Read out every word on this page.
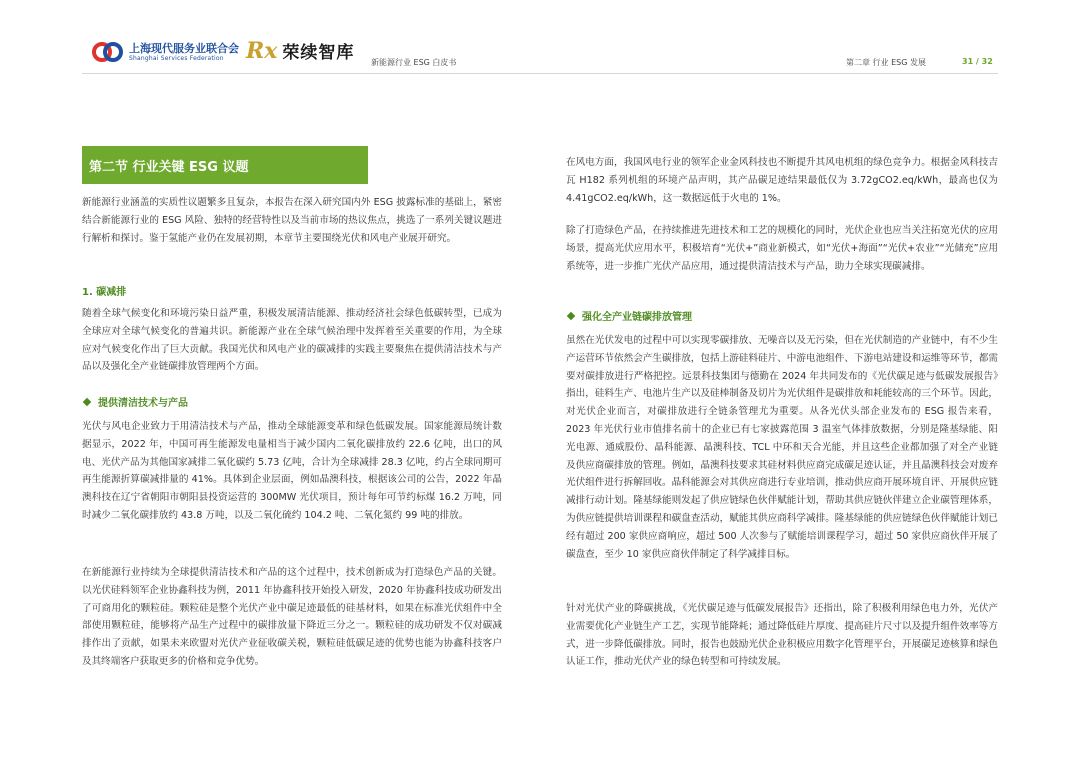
上海现代服务业联合会
Shanghai Services Federation	Rx 荣续智库 新能源行业 ESG 白皮书	第二章 行业 ESG 发展	31 / 32
第二节 行业关键 ESG 议题

新能源行业涵盖的实质性议题繁多且复杂，本报告在深入研究国内外 ESG 披露标准的基础上，紧密结合新能源行业的 ESG 风险、独特的经营特性以及当前市场的热议焦点，挑选了一系列关键议题进行解析和探讨。鉴于氢能产业仍在发展初期，本章节主要围绕光伏和风电产业展开研究。

1. 碳减排

随着全球气候变化和环境污染日益严重，积极发展清洁能源、推动经济社会绿色低碳转型，已成为全球应对全球气候变化的普遍共识。新能源产业在全球气候治理中发挥着至关重要的作用，为全球应对气候变化作出了巨大贡献。我国光伏和风电产业的碳减排的实践主要聚焦在提供清洁技术与产品以及强化全产业链碳排放管理两个方面。

提供清洁技术与产品

光伏与风电企业致力于用清洁技术与产品，推动全球能源变革和绿色低碳发展。国家能源局统计数据显示，2022 年，中国可再生能源发电量相当于减少国内二氧化碳排放约 22.6 亿吨，出口的风电、光伏产品为其他国家减排二氧化碳约 5.73 亿吨，合计为全球减排 28.3 亿吨，约占全球同期可再生能源折算碳减排量的 41%。具体到企业层面，例如晶澳科技，根据该公司的公告，2022 年晶澳科技在辽宁省朝阳市朝阳县投资运营的 300MW 光伏项目，预计每年可节约标煤 16.2 万吨，同时减少二氧化碳排放约 43.8 万吨，以及二氧化硫约 104.2 吨、二氧化氮约 99 吨的排放。

在新能源行业持续为全球提供清洁技术和产品的这个过程中，技术创新成为打造绿色产品的关键。以光伏硅料领军企业协鑫科技为例，2011 年协鑫科技开始投入研发，2020 年协鑫科技成功研发出了可商用化的颗粒硅。颗粒硅是整个光伏产业中碳足迹最低的硅基材料，如果在标准光伏组件中全部使用颗粒硅，能够将产品生产过程中的碳排放量下降近三分之一。颗粒硅的成功研发不仅对碳减排作出了贡献，如果未来欧盟对光伏产业征收碳关税，颗粒硅低碳足迹的优势也能为协鑫科技客户及其终端客户获取更多的价格和竞争优势。

在风电方面，我国风电行业的领军企业金风科技也不断提升其风电机组的绿色竞争力。根据金风科技吉瓦 H182 系列机组的环境产品声明，其产品碳足迹结果最低仅为 3.72gCO2.eq/kWh，最高也仅为 4.41gCO2.eq/kWh，这一数据远低于火电的 1%。

除了打造绿色产品，在持续推进先进技术和工艺的规模化的同时，光伏企业也应当关注拓宽光伏的应用场景，提高光伏应用水平，积极培育“光伏+”商业新模式，如“光伏+海面”“光伏+农业”“光储充”应用系统等，进一步推广光伏产品应用，通过提供清洁技术与产品，助力全球实现碳减排。

强化全产业链碳排放管理

虽然在光伏发电的过程中可以实现零碳排放、无噪音以及无污染，但在光伏制造的产业链中，有不少生产运营环节依然会产生碳排放，包括上游硅料硅片、中游电池组件、下游电站建设和运维等环节，都需要对碳排放进行严格把控。远景科技集团与德勤在 2024 年共同发布的《光伏碳足迹与低碳发展报告》指出，硅料生产、电池片生产以及硅棒制备及切片为光伏组件是碳排放和耗能较高的三个环节。因此，对光伏企业而言，对碳排放进行全链条管理尤为重要。从各光伏头部企业发布的 ESG 报告来看，2023 年光伏行业市值排名前十的企业已有七家披露范围 3 温室气体排放数据，分别是隆基绿能、阳光电源、通威股份、晶科能源、晶澳科技、TCL 中环和天合光能，并且这些企业都加强了对全产业链及供应商碳排放的管理。例如，晶澳科技要求其硅材料供应商完成碳足迹认证，并且晶澳科技会对废弃光伏组件进行拆解回收。晶科能源会对其供应商进行专业培训，推动供应商开展环境自评、开展供应链减排行动计划。隆基绿能则发起了供应链绿色伙伴赋能计划，帮助其供应链伙伴建立企业碳管理体系，为供应链提供培训课程和碳盘查活动，赋能其供应商科学减排。隆基绿能的供应链绿色伙伴赋能计划已经有超过 200 家供应商响应，超过 500 人次参与了赋能培训课程学习，超过 50 家供应商伙伴开展了碳盘查，至少 10 家供应商伙伴制定了科学减排目标。

针对光伏产业的降碳挑战，《光伏碳足迹与低碳发展报告》还指出，除了积极利用绿色电力外，光伏产业需要优化产业链生产工艺，实现节能降耗；通过降低硅片厚度、提高硅片尺寸以及提升组件效率等方式，进一步降低碳排放。同时，报告也鼓励光伏企业积极应用数字化管理平台，开展碳足迹核算和绿色认证工作，推动光伏产业的绿色转型和可持续发展。
